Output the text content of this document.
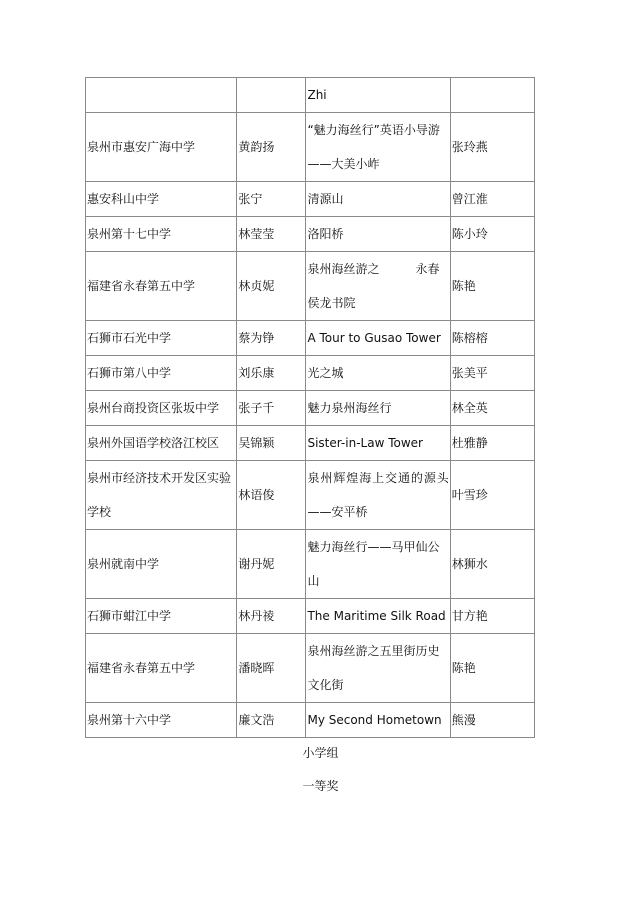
		Zhi	
泉州市惠安广海中学	黄韵扬	“魅力海丝行”英语小导游——大美小岞	张玲燕
惠安科山中学	张宁	清源山	曾江淮
泉州第十七中学	林莹莹	洛阳桥	陈小玲
福建省永春第五中学	林贞妮	泉州海丝游之　　　永春侯龙书院	陈艳
石狮市石光中学	蔡为铮	A Tour to Gusao Tower	陈榕榕
石狮市第八中学	刘乐康	光之城	张美平
泉州台商投资区张坂中学	张子千	魅力泉州海丝行	林全英
泉州外国语学校洛江校区	吴锦颖	Sister-in-Law Tower	杜雅静
泉州市经济技术开发区实验学校	林语俊	泉州辉煌海上交通的源头——安平桥	叶雪珍
泉州就南中学	谢丹妮	魅力海丝行——马甲仙公山	林狮水
石狮市蚶江中学	林丹祾	The Maritime Silk Road	甘方艳
福建省永春第五中学	潘晓晖	泉州海丝游之五里街历史文化街	陈艳
泉州第十六中学	廉文浩	My Second Hometown	熊漫
小学组
一等奖
